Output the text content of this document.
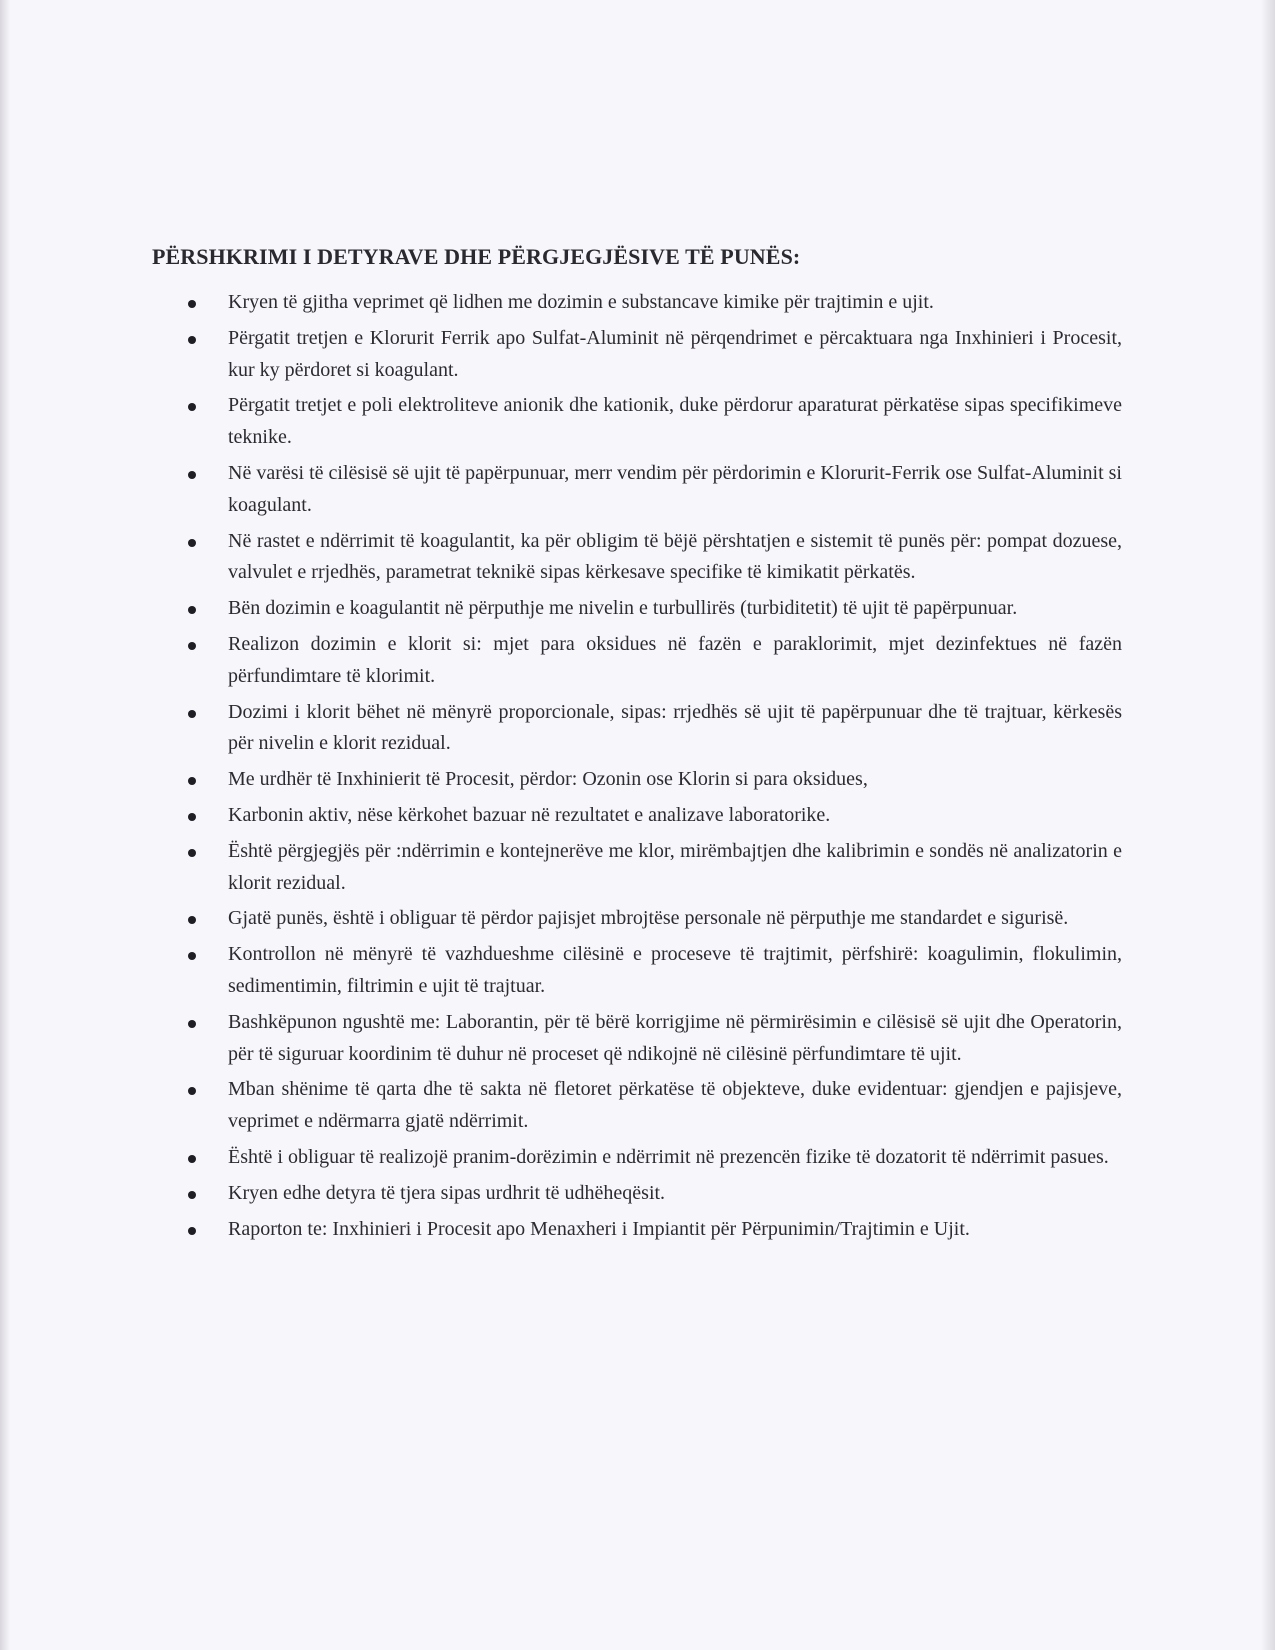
PËRSHKRIMI I DETYRAVE DHE PËRGJEGJËSIVE TË PUNËS:
Kryen të gjitha veprimet që lidhen me dozimin e substancave kimike për trajtimin e ujit.
Përgatit tretjen e Klorurit Ferrik apo Sulfat-Aluminit në përqendrimet e përcaktuara nga Inxhinieri i Procesit, kur ky përdoret si koagulant.
Përgatit tretjet e poli elektroliteve anionik dhe kationik, duke përdorur aparaturat përkatëse sipas specifikimeve teknike.
Në varësi të cilësisë së ujit të papërpunuar, merr vendim për përdorimin e Klorurit-Ferrik ose Sulfat-Aluminit si koagulant.
Në rastet e ndërrimit të koagulantit, ka për obligim të bëjë përshtatjen e sistemit të punës për: pompat dozuese, valvulet e rrjedhës, parametrat teknikë sipas kërkesave specifike të kimikatit përkatës.
Bën dozimin e koagulantit në përputhje me nivelin e turbullirës (turbiditetit) të ujit të papërpunuar.
Realizon dozimin e klorit si: mjet para oksidues në fazën e paraklorimit, mjet dezinfektues në fazën përfundimtare të klorimit.
Dozimi i klorit bëhet në mënyrë proporcionale, sipas: rrjedhës së ujit të papërpunuar dhe të trajtuar, kërkesës për nivelin e klorit rezidual.
Me urdhër të Inxhinierit të Procesit, përdor: Ozonin ose Klorin si para oksidues,
Karbonin aktiv, nëse kërkohet bazuar në rezultatet e analizave laboratorike.
Është përgjegjës për :ndërrimin e kontejnerëve me klor, mirëmbajtjen dhe kalibrimin e sondës në analizatorin e klorit rezidual.
Gjatë punës, është i obliguar të përdor pajisjet mbrojtëse personale në përputhje me standardet e sigurisë.
Kontrollon në mënyrë të vazhdueshme cilësinë e proceseve të trajtimit, përfshirë: koagulimin, flokulimin, sedimentimin, filtrimin e ujit të trajtuar.
Bashkëpunon ngushtë me: Laborantin, për të bërë korrigjime në përmirësimin e cilësisë së ujit dhe Operatorin, për të siguruar koordinim të duhur në proceset që ndikojnë në cilësinë përfundimtare të ujit.
Mban shënime të qarta dhe të sakta në fletoret përkatëse të objekteve, duke evidentuar: gjendjen e pajisjeve, veprimet e ndërmarra gjatë ndërrimit.
Është i obliguar të realizojë pranim-dorëzimin e ndërrimit në prezencën fizike të dozatorit të ndërrimit pasues.
Kryen edhe detyra të tjera sipas urdhrit të udhëheqësit.
Raporton te: Inxhinieri i Procesit apo Menaxheri i Impiantit për Përpunimin/Trajtimin e Ujit.
